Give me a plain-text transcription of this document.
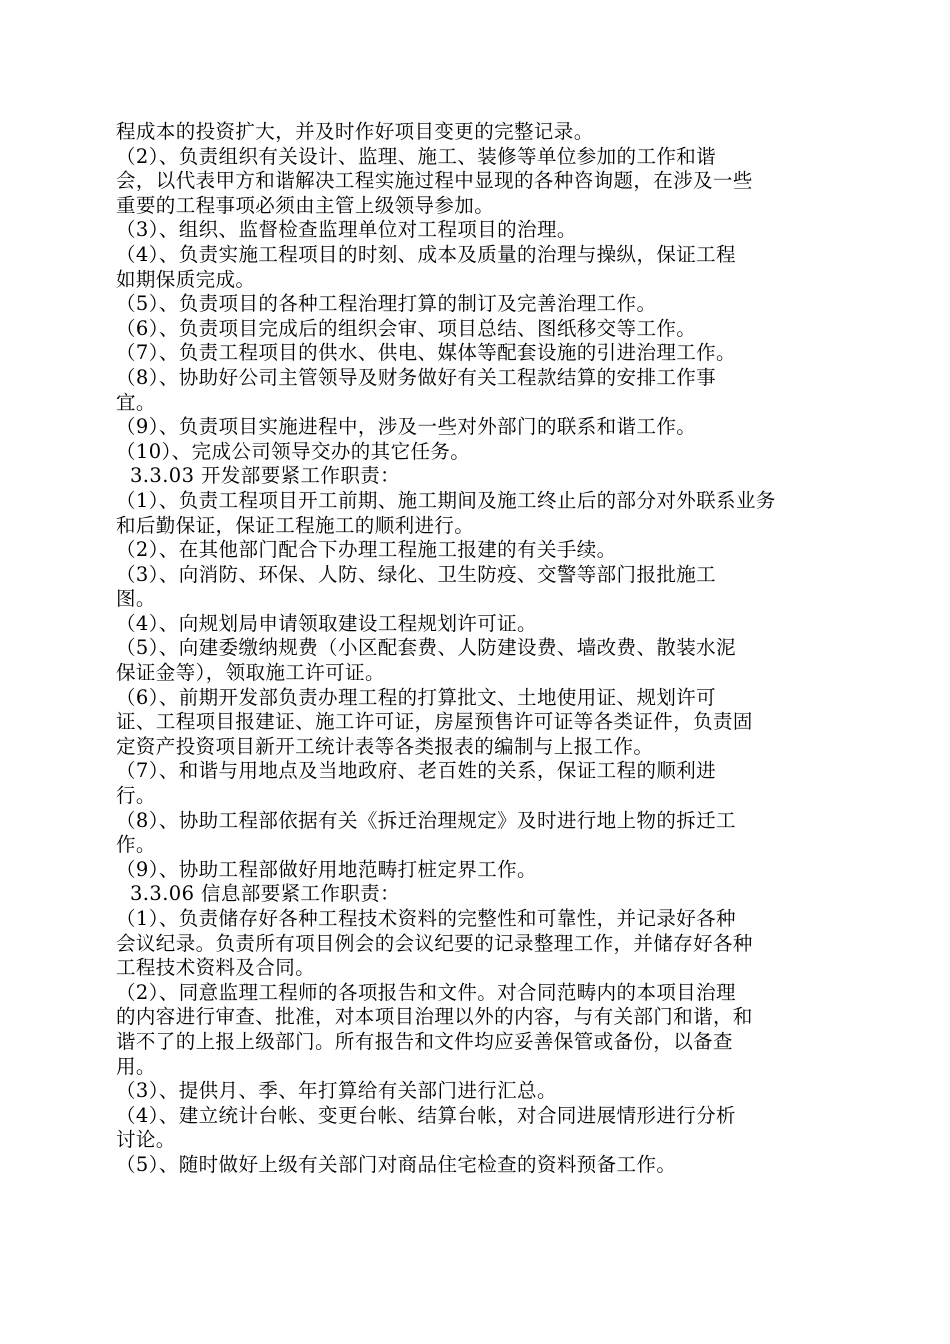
程成本的投资扩大，并及时作好项目变更的完整记录。
（2）、负责组织有关设计、监理、施工、装修等单位参加的工作和谐
会，以代表甲方和谐解决工程实施过程中显现的各种咨询题，在涉及一些
重要的工程事项必须由主管上级领导参加。
（3）、组织、监督检查监理单位对工程项目的治理。
（4）、负责实施工程项目的时刻、成本及质量的治理与操纵，保证工程
如期保质完成。
（5）、负责项目的各种工程治理打算的制订及完善治理工作。
（6）、负责项目完成后的组织会审、项目总结、图纸移交等工作。
（7）、负责工程项目的供水、供电、媒体等配套设施的引进治理工作。
（8）、协助好公司主管领导及财务做好有关工程款结算的安排工作事
宜。
（9）、负责项目实施进程中，涉及一些对外部门的联系和谐工作。
（10）、完成公司领导交办的其它任务。
3.3.03 开发部要紧工作职责：
（1）、负责工程项目开工前期、施工期间及施工终止后的部分对外联系业务
和后勤保证，保证工程施工的顺利进行。
（2）、在其他部门配合下办理工程施工报建的有关手续。
（3）、向消防、环保、人防、绿化、卫生防疫、交警等部门报批施工
图。
（4）、向规划局申请领取建设工程规划许可证。
（5）、向建委缴纳规费（小区配套费、人防建设费、墙改费、散装水泥
保证金等），领取施工许可证。
（6）、前期开发部负责办理工程的打算批文、土地使用证、规划许可
证、工程项目报建证、施工许可证，房屋预售许可证等各类证件，负责固
定资产投资项目新开工统计表等各类报表的编制与上报工作。
（7）、和谐与用地点及当地政府、老百姓的关系，保证工程的顺利进
行。
（8）、协助工程部依据有关《拆迁治理规定》及时进行地上物的拆迁工
作。
（9）、协助工程部做好用地范畴打桩定界工作。
3.3.06 信息部要紧工作职责：
（1）、负责储存好各种工程技术资料的完整性和可靠性，并记录好各种
会议纪录。负责所有项目例会的会议纪要的记录整理工作，并储存好各种
工程技术资料及合同。
（2）、同意监理工程师的各项报告和文件。对合同范畴内的本项目治理
的内容进行审查、批准，对本项目治理以外的内容，与有关部门和谐，和
谐不了的上报上级部门。所有报告和文件均应妥善保管或备份，以备查
用。
（3）、提供月、季、年打算给有关部门进行汇总。
（4）、建立统计台帐、变更台帐、结算台帐，对合同进展情形进行分析
讨论。
（5）、随时做好上级有关部门对商品住宅检查的资料预备工作。
